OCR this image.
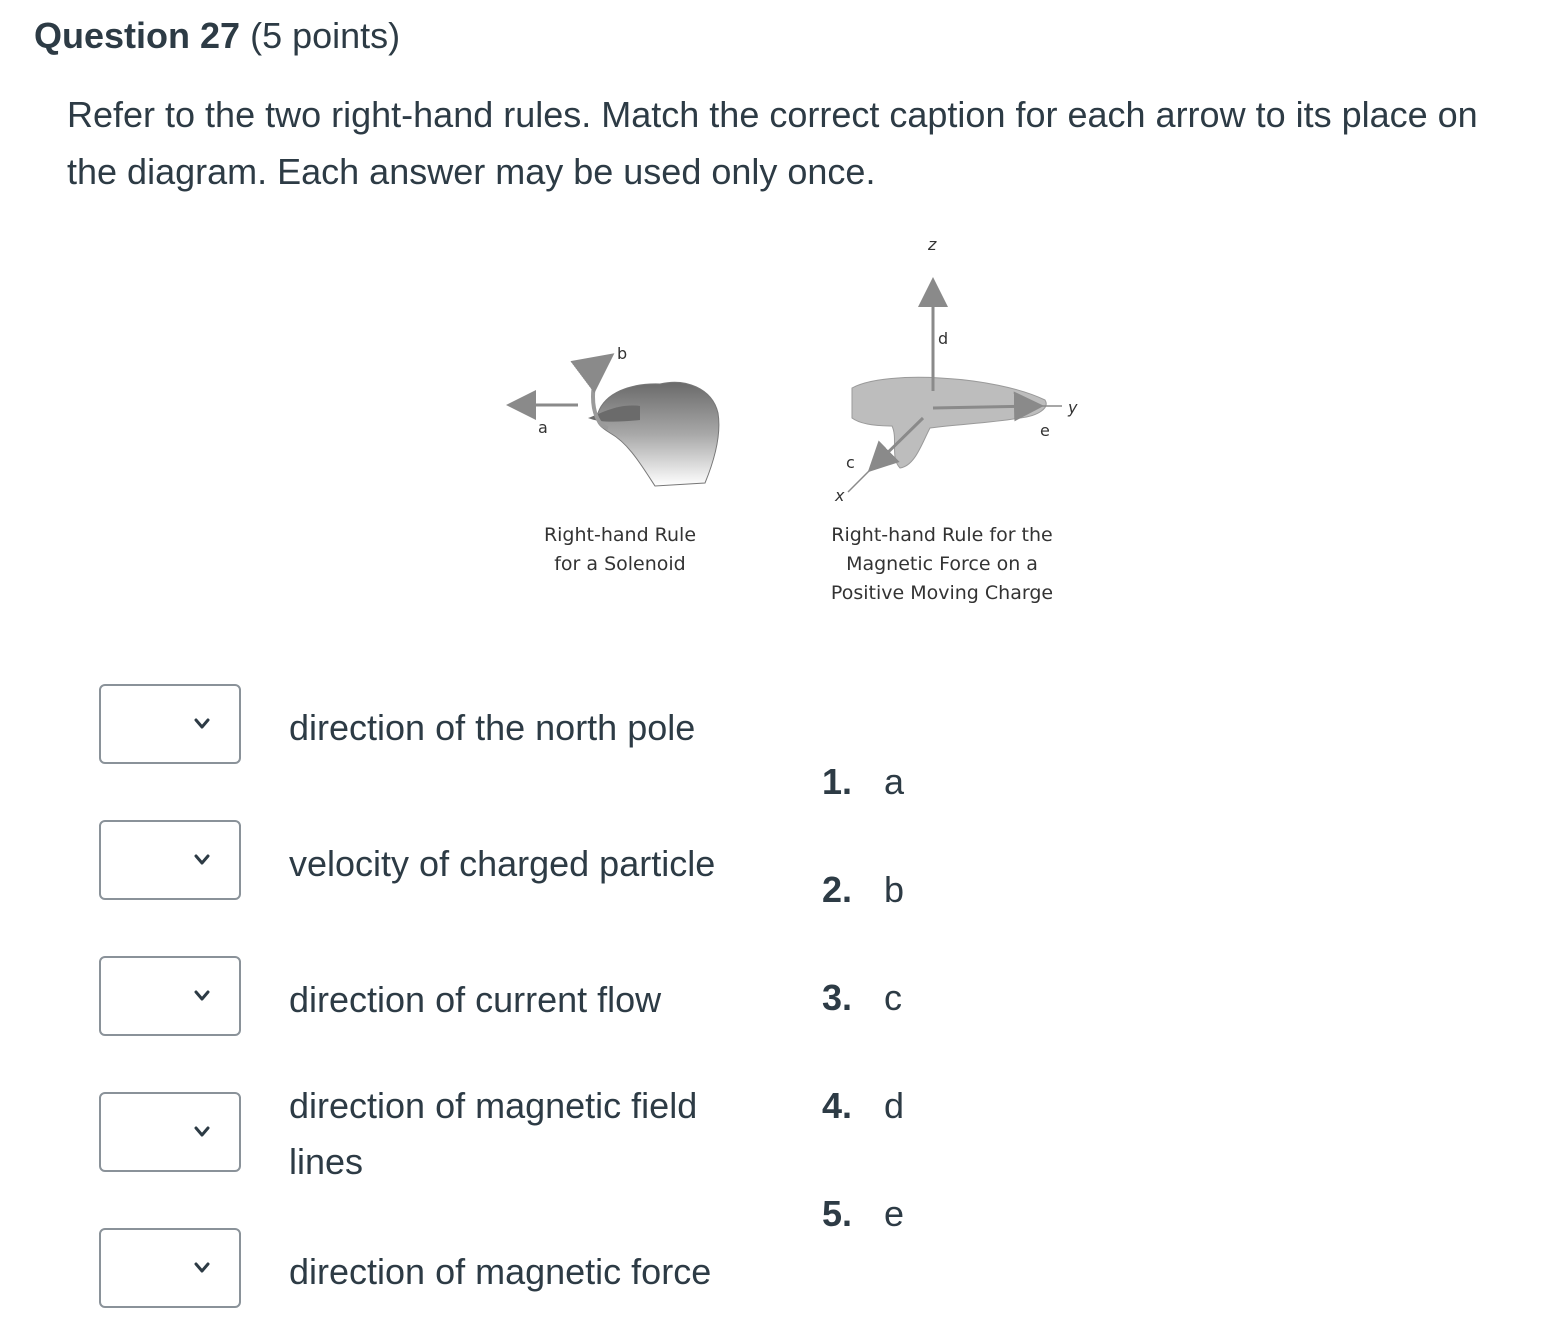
Question 27 (5 points)
Refer to the two right-hand rules. Match the correct caption for each arrow to its place on the diagram. Each answer may be used only once.
b
a
Right-hand Rule
for a Solenoid
z
d
y
e
c
x
Right-hand Rule for the
Magnetic Force on a
Positive Moving Charge
direction of the north pole
velocity of charged particle
direction of current flow
direction of magnetic field lines
direction of magnetic force
1. a
2. b
3. c
4. d
5. e
